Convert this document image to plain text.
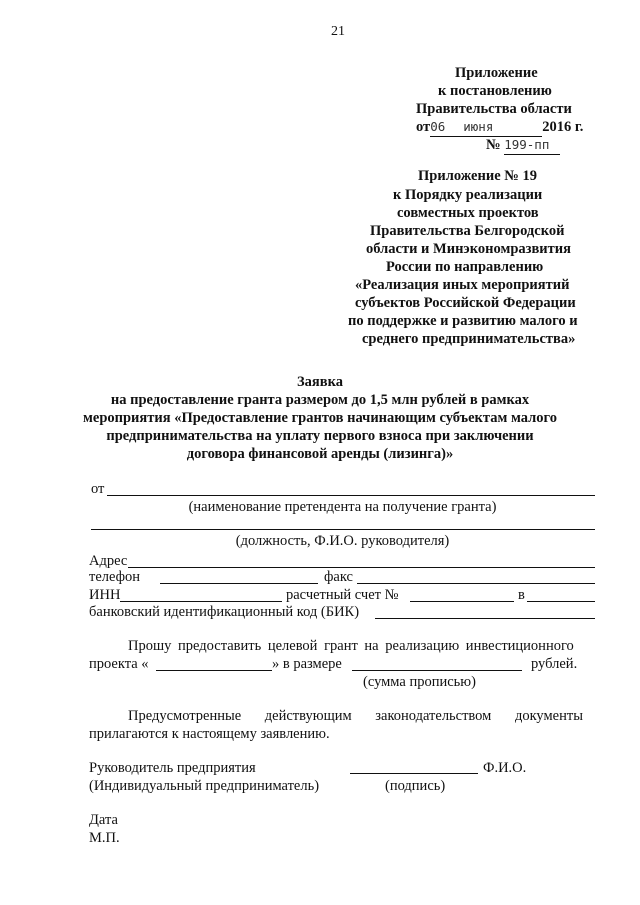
21
Приложение
к постановлению
Правительства области
от06 июня	2016 г.
№ 199-пп
Приложение № 19
к Порядку реализации
совместных проектов
Правительства Белгородской
области и Минэкономразвития
России по направлению
«Реализация иных мероприятий
субъектов Российской Федерации
по поддержке и развитию малого и
среднего предпринимательства»
Заявка
на предоставление гранта размером до 1,5 млн рублей в рамках
мероприятия «Предоставление грантов начинающим субъектам малого
предпринимательства на уплату первого взноса при заключении
договора финансовой аренды (лизинга)»
от
(наименование претендента на получение гранта)
(должность, Ф.И.О. руководителя)
Адрес
телефон	факс
ИНН	расчетный счет №	в
банковский идентификационный код (БИК)
Прошу предоставить целевой грант на реализацию инвестиционного
проекта «	» в размере	рублей.
(сумма прописью)
Предусмотренные действующим законодательством документы
прилагаются к настоящему заявлению.
Руководитель предприятия	Ф.И.О.
(Индивидуальный предприниматель)	(подпись)
Дата
М.П.
